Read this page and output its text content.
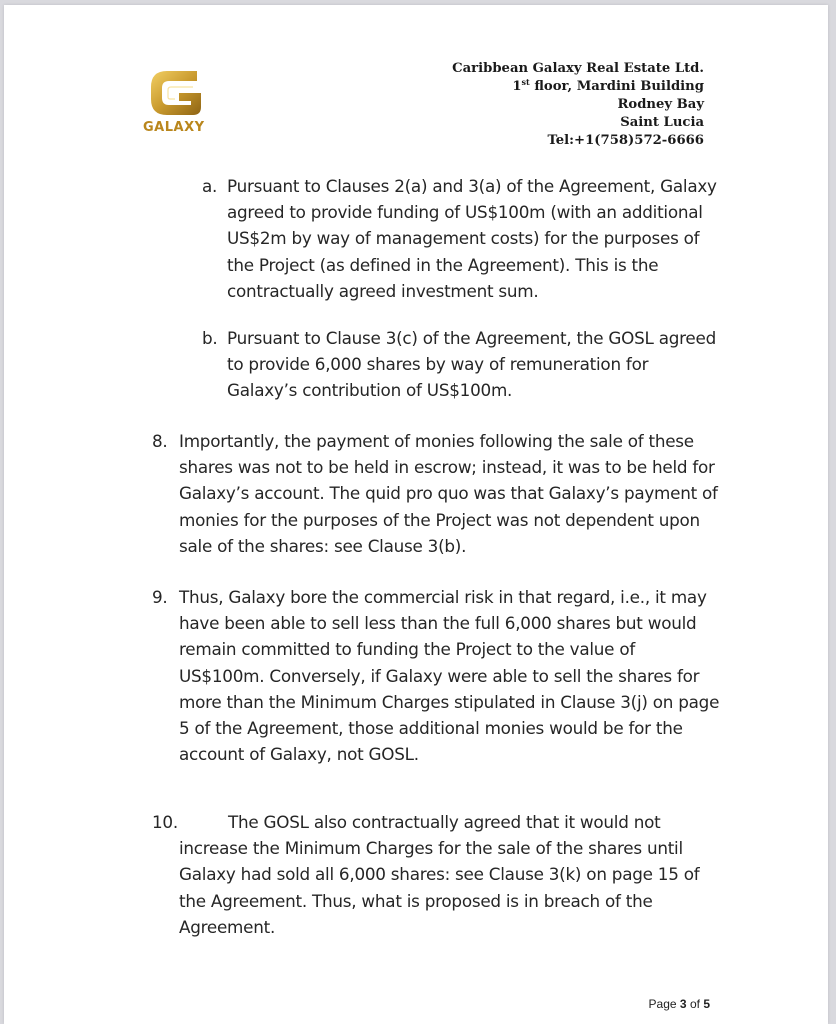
GALAXY
Caribbean Galaxy Real Estate Ltd.
1st floor, Mardini Building
Rodney Bay
Saint Lucia
Tel:+1(758)572-6666
a. Pursuant to Clauses 2(a) and 3(a) of the Agreement, Galaxy agreed to provide funding of US$100m (with an additional US$2m by way of management costs) for the purposes of the Project (as defined in the Agreement). This is the contractually agreed investment sum.
b. Pursuant to Clause 3(c) of the Agreement, the GOSL agreed to provide 6,000 shares by way of remuneration for Galaxy’s contribution of US$100m.
8. Importantly, the payment of monies following the sale of these shares was not to be held in escrow; instead, it was to be held for Galaxy’s account. The quid pro quo was that Galaxy’s payment of monies for the purposes of the Project was not dependent upon sale of the shares: see Clause 3(b).
9. Thus, Galaxy bore the commercial risk in that regard, i.e., it may have been able to sell less than the full 6,000 shares but would remain committed to funding the Project to the value of US$100m. Conversely, if Galaxy were able to sell the shares for more than the Minimum Charges stipulated in Clause 3(j) on page 5 of the Agreement, those additional monies would be for the account of Galaxy, not GOSL.
10.	The GOSL also contractually agreed that it would not increase the Minimum Charges for the sale of the shares until Galaxy had sold all 6,000 shares: see Clause 3(k) on page 15 of the Agreement. Thus, what is proposed is in breach of the Agreement.
Page 3 of 5
